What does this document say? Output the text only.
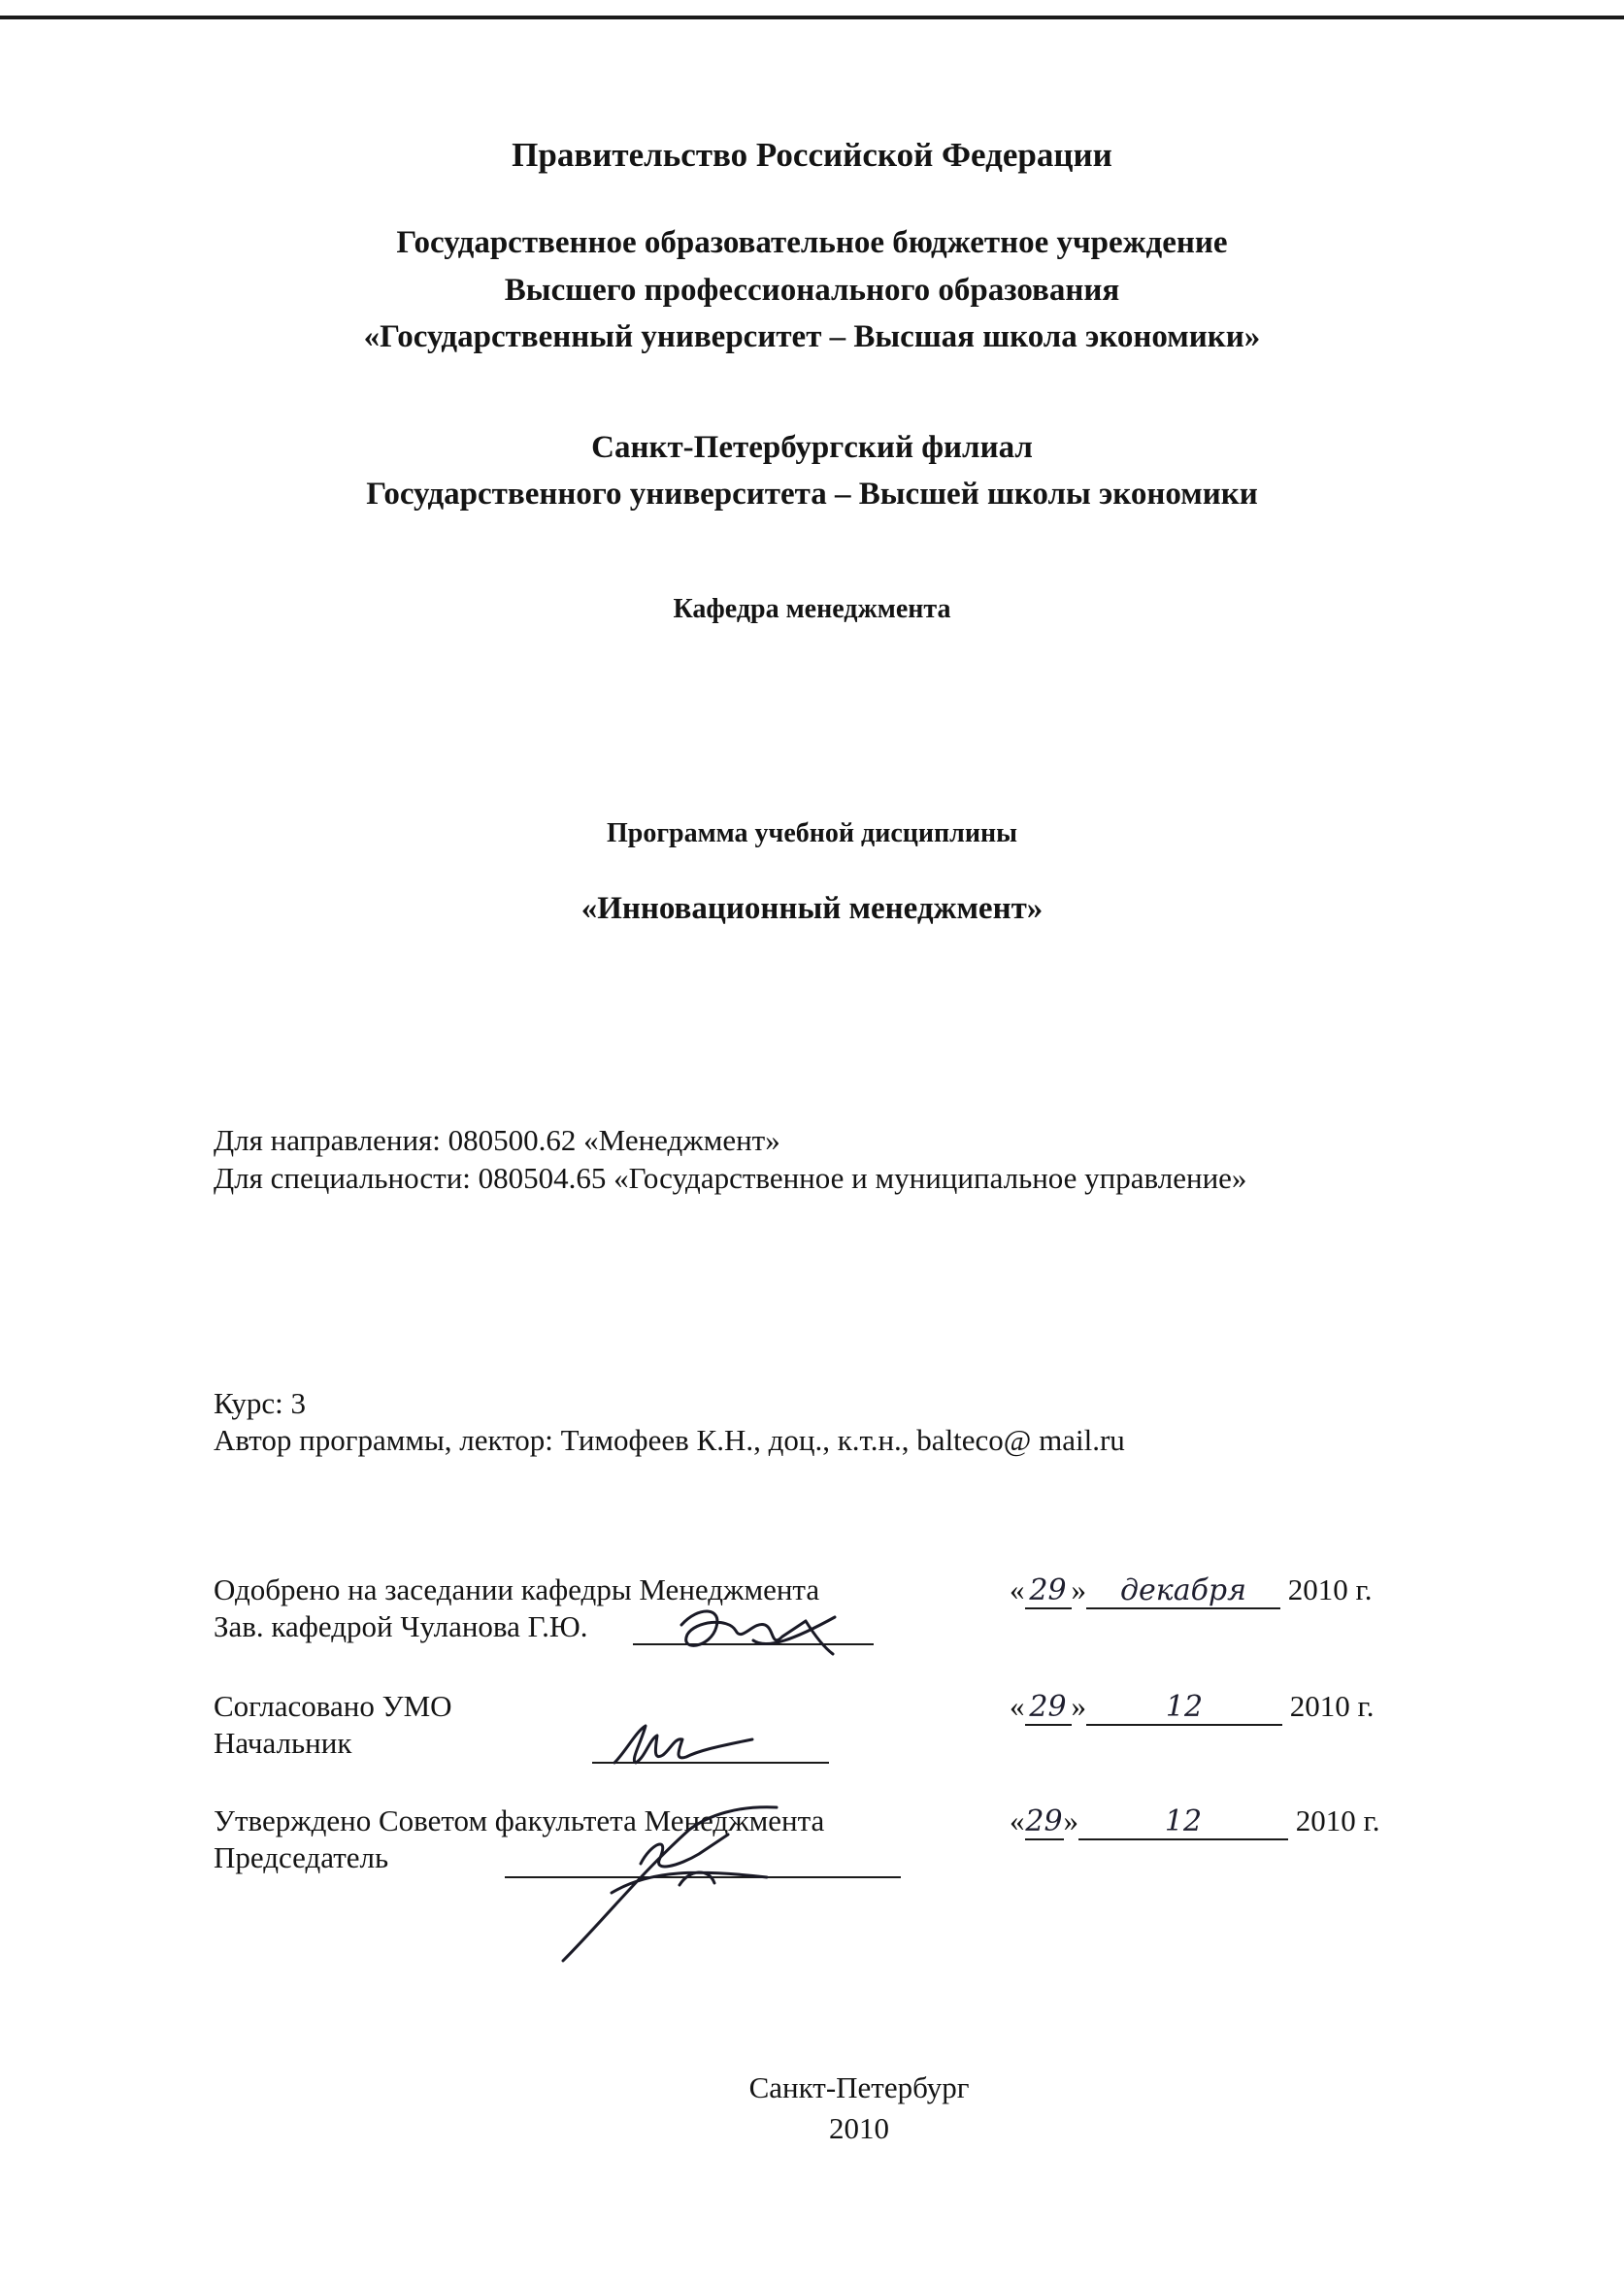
Правительство Российской Федерации
Государственное образовательное бюджетное учреждение
Высшего профессионального образования
«Государственный университет – Высшая школа экономики»
Санкт-Петербургский филиал
Государственного университета – Высшей школы экономики
Кафедра менеджмента
Программа учебной дисциплины
«Инновационный менеджмент»
Для направления: 080500.62 «Менеджмент»
Для специальности: 080504.65 «Государственное и муниципальное управление»
Курс: 3
Автор программы, лектор: Тимофеев К.Н., доц., к.т.н., balteco@ mail.ru
Одобрено на заседании кафедры Менеджмента
Зав. кафедрой Чуланова Г.Ю.
« 29 » декабря 2010 г.
Согласовано УМО
Начальник
« 29 »	12	2010 г.
Утверждено Советом факультета Менеджмента
Председатель
«29»	12	2010 г.
Санкт-Петербург
2010
